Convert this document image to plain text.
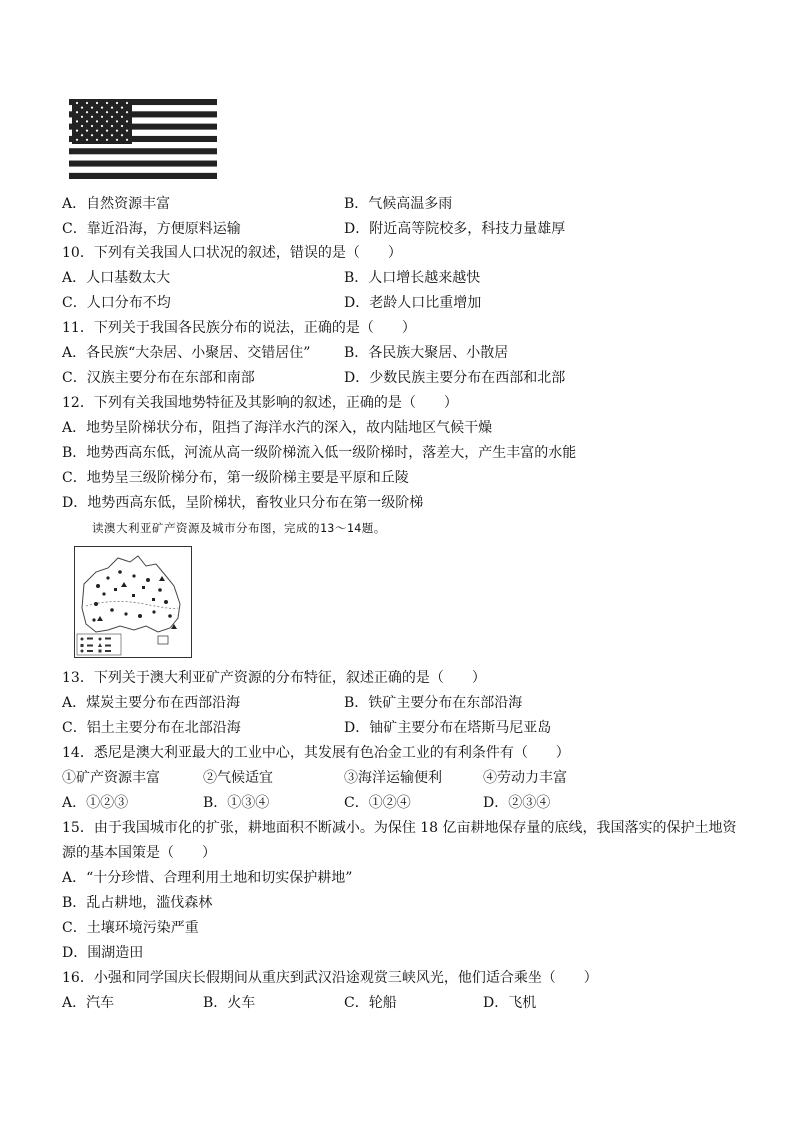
A．自然资源丰富	B．气候高温多雨
C．靠近沿海，方便原料运输	D．附近高等院校多，科技力量雄厚
10．下列有关我国人口状况的叙述，错误的是（　　）
A．人口基数太大	B．人口增长越来越快
C．人口分布不均	D．老龄人口比重增加
11．下列关于我国各民族分布的说法，正确的是（　　）
A．各民族“大杂居、小聚居、交错居住” B．各民族大聚居、小散居
C．汉族主要分布在东部和南部	D．少数民族主要分布在西部和北部
12．下列有关我国地势特征及其影响的叙述，正确的是（　　）
A．地势呈阶梯状分布，阻挡了海洋水汽的深入，故内陆地区气候干燥
B．地势西高东低，河流从高一级阶梯流入低一级阶梯时，落差大，产生丰富的水能
C．地势呈三级阶梯分布，第一级阶梯主要是平原和丘陵
D．地势西高东低，呈阶梯状，畜牧业只分布在第一级阶梯
读澳大利亚矿产资源及城市分布图，完成的13～14题。
13．下列关于澳大利亚矿产资源的分布特征，叙述正确的是（　　）
A．煤炭主要分布在西部沿海	B．铁矿主要分布在东部沿海
C．铝土主要分布在北部沿海	D．铀矿主要分布在塔斯马尼亚岛
14．悉尼是澳大利亚最大的工业中心，其发展有色冶金工业的有利条件有（　　）
①矿产资源丰富	②气候适宜	③海洋运输便利	④劳动力丰富
A．①②③	B．①③④	C．①②④	D．②③④
15．由于我国城市化的扩张，耕地面积不断减小。为保住 18 亿亩耕地保存量的底线，我国落实的保护土地资
源的基本国策是（　　）
A．“十分珍惜、合理利用土地和切实保护耕地”
B．乱占耕地，滥伐森林
C．土壤环境污染严重
D．围湖造田
16．小强和同学国庆长假期间从重庆到武汉沿途观赏三峡风光，他们适合乘坐（　　）
A．汽车	B．火车	C．轮船	D．飞机
